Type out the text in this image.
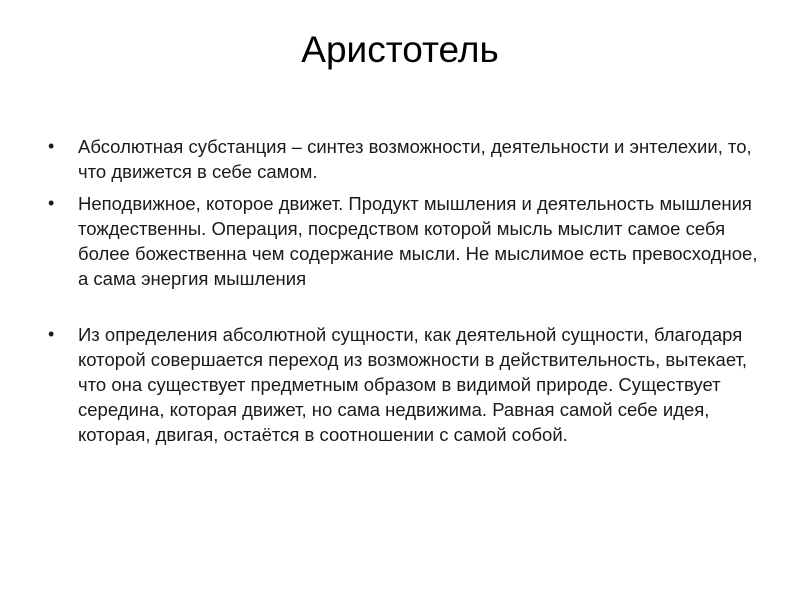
Аристотель
•	Абсолютная субстанция – синтез возможности, деятельности и энтелехии, то, что движется в себе самом.
•	Неподвижное, которое движет. Продукт мышления и деятельность мышления тождественны. Операция, посредством которой мысль мыслит самое себя более божественна чем содержание мысли. Не мыслимое есть превосходное, а сама энергия мышления
•	Из определения абсолютной сущности, как деятельной сущности, благодаря которой совершается переход из возможности в действительность, вытекает, что она существует предметным образом в видимой природе. Существует середина, которая движет, но сама недвижима. Равная самой себе идея, которая, двигая, остаётся в соотношении с самой собой.
